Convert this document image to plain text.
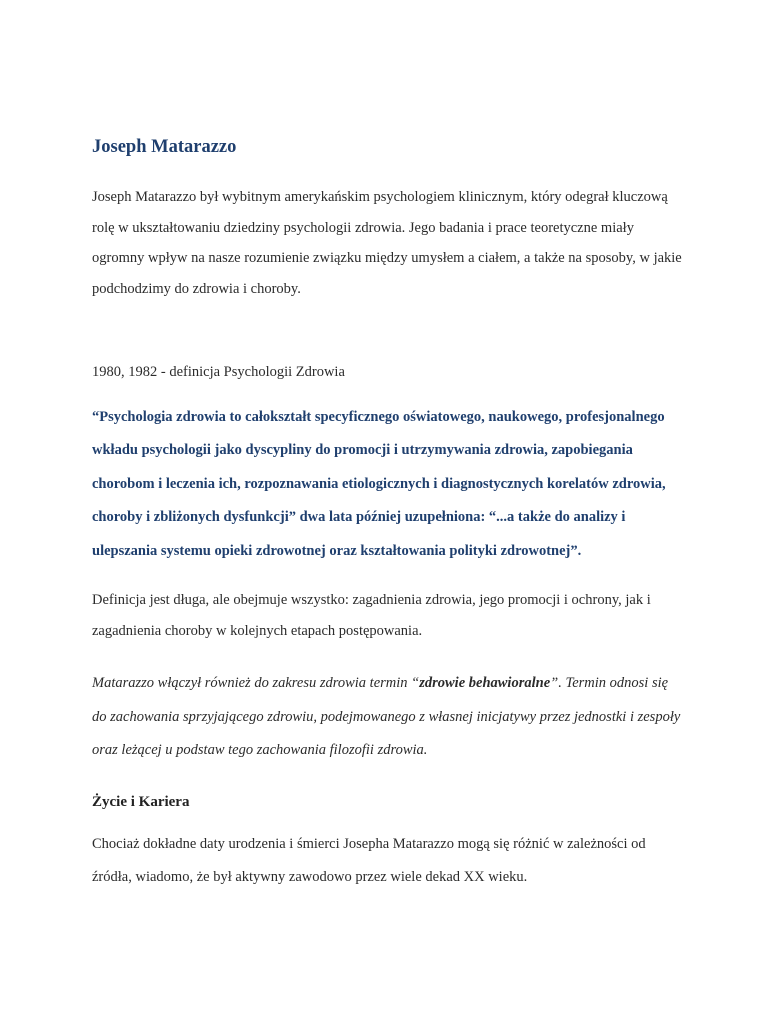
Joseph Matarazzo

Joseph Matarazzo był wybitnym amerykańskim psychologiem klinicznym, który odegrał kluczową rolę w ukształtowaniu dziedziny psychologii zdrowia. Jego badania i prace teoretyczne miały ogromny wpływ na nasze rozumienie związku między umysłem a ciałem, a także na sposoby, w jakie podchodzimy do zdrowia i choroby.

1980, 1982 - definicja Psychologii Zdrowia

“Psychologia zdrowia to całokształt specyficznego oświatowego, naukowego, profesjonalnego wkładu psychologii jako dyscypliny do promocji i utrzymywania zdrowia, zapobiegania chorobom i leczenia ich, rozpoznawania etiologicznych i diagnostycznych korelatów zdrowia, choroby i zbliżonych dysfunkcji” dwa lata później uzupełniona: “...a także do analizy i ulepszania systemu opieki zdrowotnej oraz kształtowania polityki zdrowotnej”.

Definicja jest długa, ale obejmuje wszystko: zagadnienia zdrowia, jego promocji i ochrony, jak i zagadnienia choroby w kolejnych etapach postępowania.

Matarazzo włączył również do zakresu zdrowia termin “zdrowie behawioralne”. Termin odnosi się do zachowania sprzyjającego zdrowiu, podejmowanego z własnej inicjatywy przez jednostki i zespoły oraz leżącej u podstaw tego zachowania filozofii zdrowia.

Życie i Kariera

Chociaż dokładne daty urodzenia i śmierci Josepha Matarazzo mogą się różnić w zależności od źródła, wiadomo, że był aktywny zawodowo przez wiele dekad XX wieku.
